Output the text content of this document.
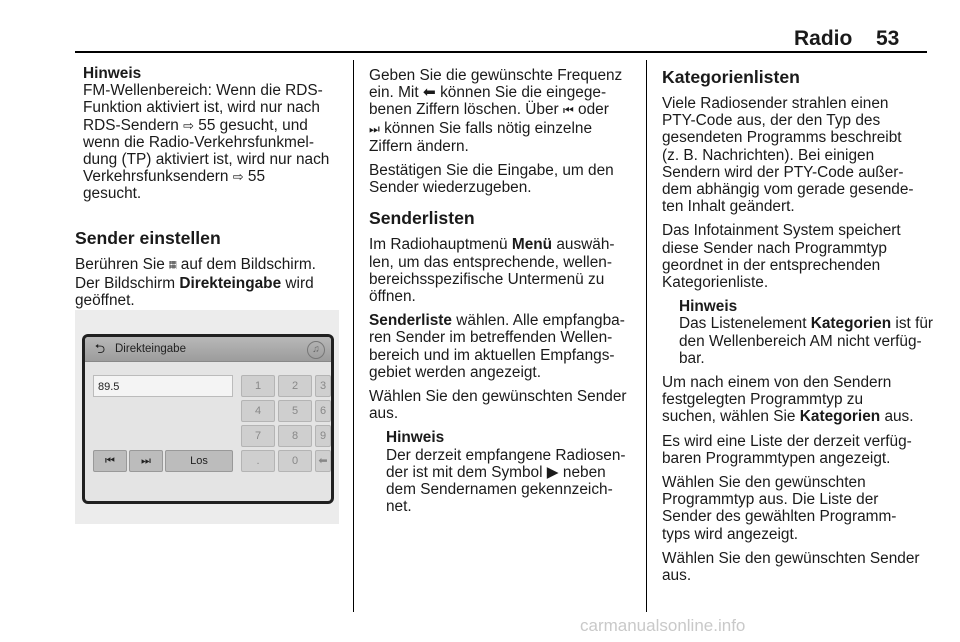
Radio 53
Hinweis
FM-Wellenbereich: Wenn die RDS-
Funktion aktiviert ist, wird nur nach
RDS-Sendern ⇨ 55 gesucht, und
wenn die Radio-Verkehrsfunkmel-
dung (TP) aktiviert ist, wird nur nach
Verkehrsfunksendern ⇨ 55
gesucht.
Sender einstellen
Berühren Sie 𝄜 auf dem Bildschirm.
Der Bildschirm Direkteingabe wird
geöffnet.
⮌ Direkteingabe	♫
89.5	1	2	3
4	5	6
7	8	9
.	0	⬅
⏮	⏭	Los

Geben Sie die gewünschte Frequenz
ein. Mit ⬅ können Sie die eingege-
benen Ziffern löschen. Über ⏮ oder
⏭ können Sie falls nötig einzelne
Ziffern ändern.

Bestätigen Sie die Eingabe, um den
Sender wiederzugeben.

Senderlisten

Im Radiohauptmenü Menü auswäh-
len, um das entsprechende, wellen-
bereichsspezifische Untermenü zu
öffnen.

Senderliste wählen. Alle empfangba-
ren Sender im betreffenden Wellen-
bereich und im aktuellen Empfangs-
gebiet werden angezeigt.

Wählen Sie den gewünschten Sender
aus.

Hinweis
Der derzeit empfangene Radiosen-
der ist mit dem Symbol ▶ neben
dem Sendernamen gekennzeich-
net.
Kategorienlisten

Viele Radiosender strahlen einen
PTY-Code aus, der den Typ des
gesendeten Programms beschreibt
(z. B. Nachrichten). Bei einigen
Sendern wird der PTY-Code außer-
dem abhängig vom gerade gesende-
ten Inhalt geändert.

Das Infotainment System speichert
diese Sender nach Programmtyp
geordnet in der entsprechenden
Kategorienliste.

Hinweis
Das Listenelement Kategorien ist für
den Wellenbereich AM nicht verfüg-
bar.

Um nach einem von den Sendern
festgelegten Programmtyp zu
suchen, wählen Sie Kategorien aus.

Es wird eine Liste der derzeit verfüg-
baren Programmtypen angezeigt.

Wählen Sie den gewünschten
Programmtyp aus. Die Liste der
Sender des gewählten Programm-
typs wird angezeigt.

Wählen Sie den gewünschten Sender
aus.

carmanualsonline.info
